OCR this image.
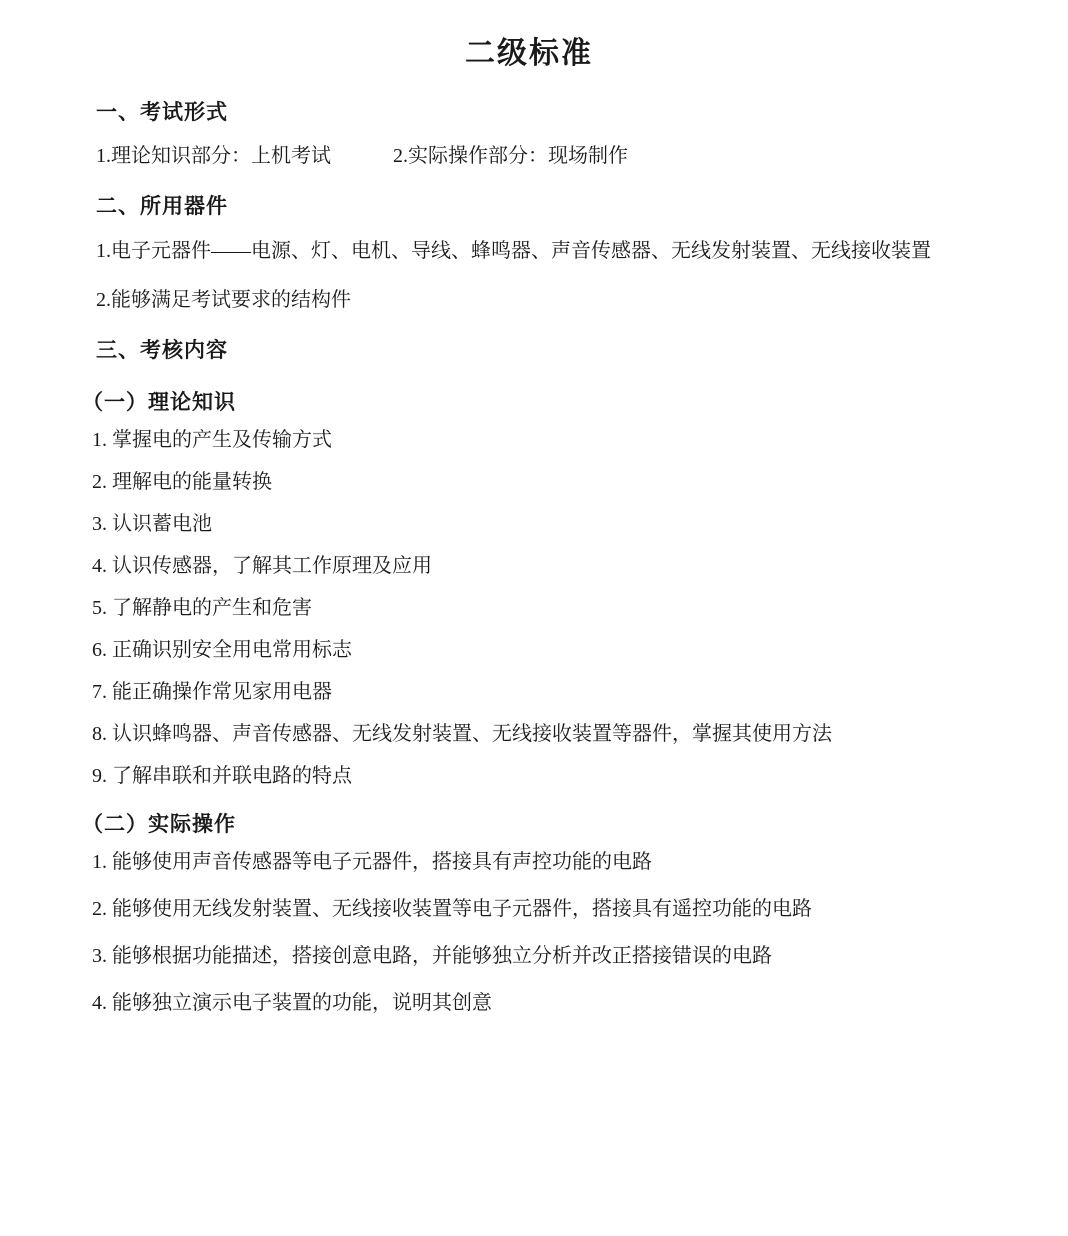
二级标准
一、考试形式
1.理论知识部分：上机考试	2.实际操作部分：现场制作
二、所用器件
1.电子元器件——电源、灯、电机、导线、蜂鸣器、声音传感器、无线发射装置、无线接收装置
2.能够满足考试要求的结构件
三、考核内容
（一）理论知识
1. 掌握电的产生及传输方式
2. 理解电的能量转换
3. 认识蓄电池
4. 认识传感器，了解其工作原理及应用
5. 了解静电的产生和危害
6. 正确识别安全用电常用标志
7. 能正确操作常见家用电器
8. 认识蜂鸣器、声音传感器、无线发射装置、无线接收装置等器件，掌握其使用方法
9. 了解串联和并联电路的特点
（二）实际操作
1. 能够使用声音传感器等电子元器件，搭接具有声控功能的电路
2. 能够使用无线发射装置、无线接收装置等电子元器件，搭接具有遥控功能的电路
3. 能够根据功能描述，搭接创意电路，并能够独立分析并改正搭接错误的电路
4. 能够独立演示电子装置的功能，说明其创意
